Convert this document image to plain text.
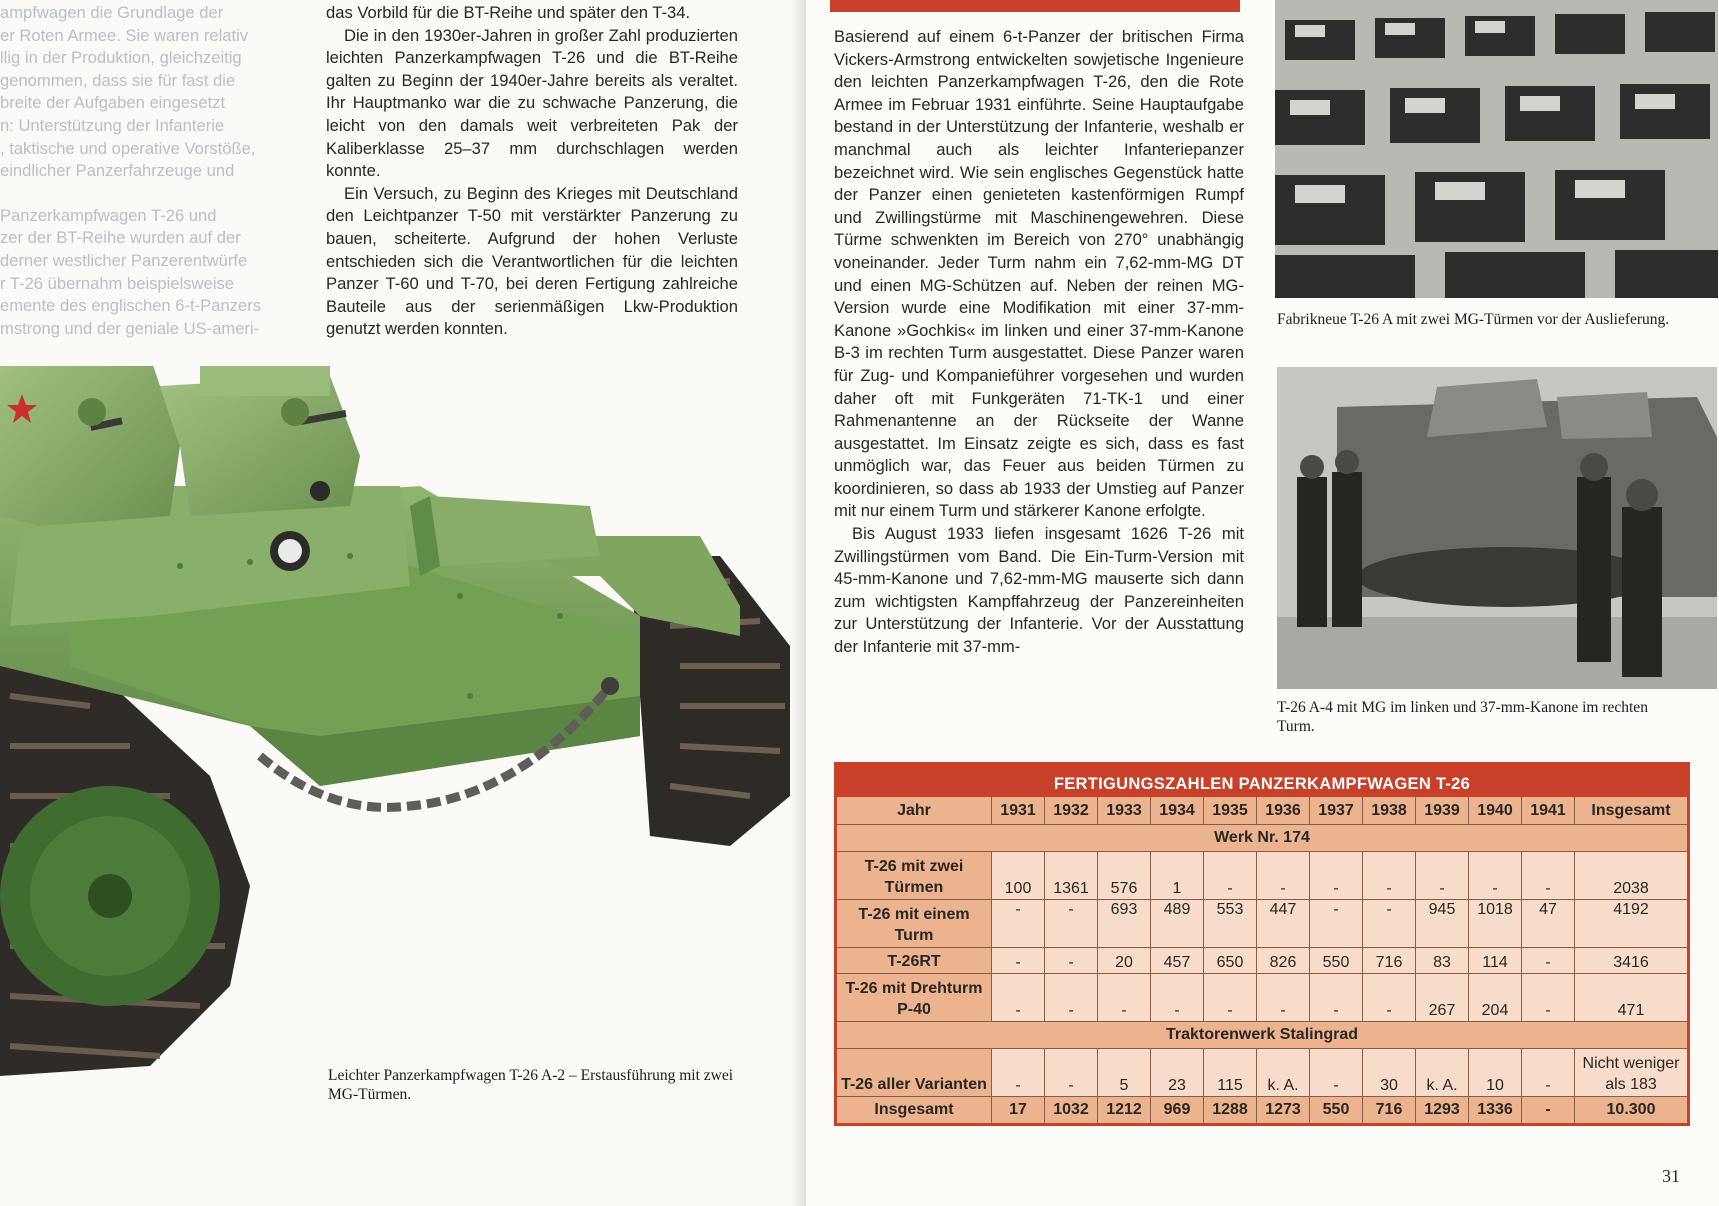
ampfwagen die Grundlage der
er Roten Armee. Sie waren relativ
llig in der Produktion, gleichzeitig
genommen, dass sie für fast die
breite der Aufgaben eingesetzt
n: Unterstützung der Infanterie
, taktische und operative Vorstöße,
eindlicher Panzerfahrzeuge und
Panzerkampfwagen T-26 und
zer der BT-Reihe wurden auf der
derner westlicher Panzerentwürfe
r T-26 übernahm beispielsweise
emente des englischen 6-t-Panzers
mstrong und der geniale US-ameri-

das Vorbild für die BT-Reihe und später den T-34.

Die in den 1930er-Jahren in großer Zahl produzierten leichten Panzerkampfwagen T-26 und die BT-Reihe galten zu Beginn der 1940er-Jahre bereits als veraltet. Ihr Hauptmanko war die zu schwache Panzerung, die leicht von den damals weit verbreiteten Pak der Kaliberklasse 25–37 mm durchschlagen werden konnte.

Ein Versuch, zu Beginn des Krieges mit Deutschland den Leichtpanzer T-50 mit verstärkter Panzerung zu bauen, scheiterte. Aufgrund der hohen Verluste entschieden sich die Verantwortlichen für die leichten Panzer T-60 und T-70, bei deren Fertigung zahlreiche Bauteile aus der serienmäßigen Lkw-Produktion genutzt werden konnten.

Leichter Panzerkampfwagen T-26 A-2 – Erstausführung mit zwei MG-Türmen.

Basierend auf einem 6-t-Panzer der britischen Firma Vickers-Armstrong entwickelten sowjetische Ingenieure den leichten Panzerkampfwagen T-26, den die Rote Armee im Februar 1931 einführte. Seine Hauptaufgabe bestand in der Unterstützung der Infanterie, weshalb er manchmal auch als leichter Infanteriepanzer bezeichnet wird. Wie sein englisches Gegenstück hatte der Panzer einen genieteten kastenförmigen Rumpf und Zwillingstürme mit Maschinengewehren. Diese Türme schwenkten im Bereich von 270° unabhängig voneinander. Jeder Turm nahm ein 7,62-mm-MG DT und einen MG-Schützen auf. Neben der reinen MG-Version wurde eine Modifikation mit einer 37-mm-Kanone »Gochkis« im linken und einer 37-mm-Kanone B-3 im rechten Turm ausgestattet. Diese Panzer waren für Zug- und Kompanieführer vorgesehen und wurden daher oft mit Funkgeräten 71-TK-1 und einer Rahmenantenne an der Rückseite der Wanne ausgestattet. Im Einsatz zeigte es sich, dass es fast unmöglich war, das Feuer aus beiden Türmen zu koordinieren, so dass ab 1933 der Umstieg auf Panzer mit nur einem Turm und stärkerer Kanone erfolgte.

Bis August 1933 liefen insgesamt 1626 T-26 mit Zwillingstürmen vom Band. Die Ein-Turm-Version mit 45-mm-Kanone und 7,62-mm-MG mauserte sich dann zum wichtigsten Kampffahrzeug der Panzereinheiten zur Unterstützung der Infanterie. Vor der Ausstattung der Infanterie mit 37-mm-

Fabrikneue T-26 A mit zwei MG-Türmen vor der Auslieferung.
T-26 A-4 mit MG im linken und 37-mm-Kanone im rechten Turm.
FERTIGUNGSZAHLEN PANZERKAMPFWAGEN T-26												
Jahr	1931	1932	1933	1934	1935	1936	1937	1938	1939	1940	1941	Insgesamt
Werk Nr. 174												
T-26 mit zwei Türmen	100	1361	576	1	-	-	-	-	-	-	-	2038
T-26 mit einem Turm	-	-	693	489	553	447	-	-	945	1018	47	4192
T-26RT	-	-	20	457	650	826	550	716	83	114	-	3416
T-26 mit Drehturm P-40	-	-	-	-	-	-	-	-	267	204	-	471
Traktorenwerk Stalingrad												
T-26 aller Varianten	-	-	5	23	115	k. A.	-	30	k. A.	10	-	Nicht weniger als 183
Insgesamt	17	1032	1212	969	1288	1273	550	716	1293	1336	-	10.300
31
